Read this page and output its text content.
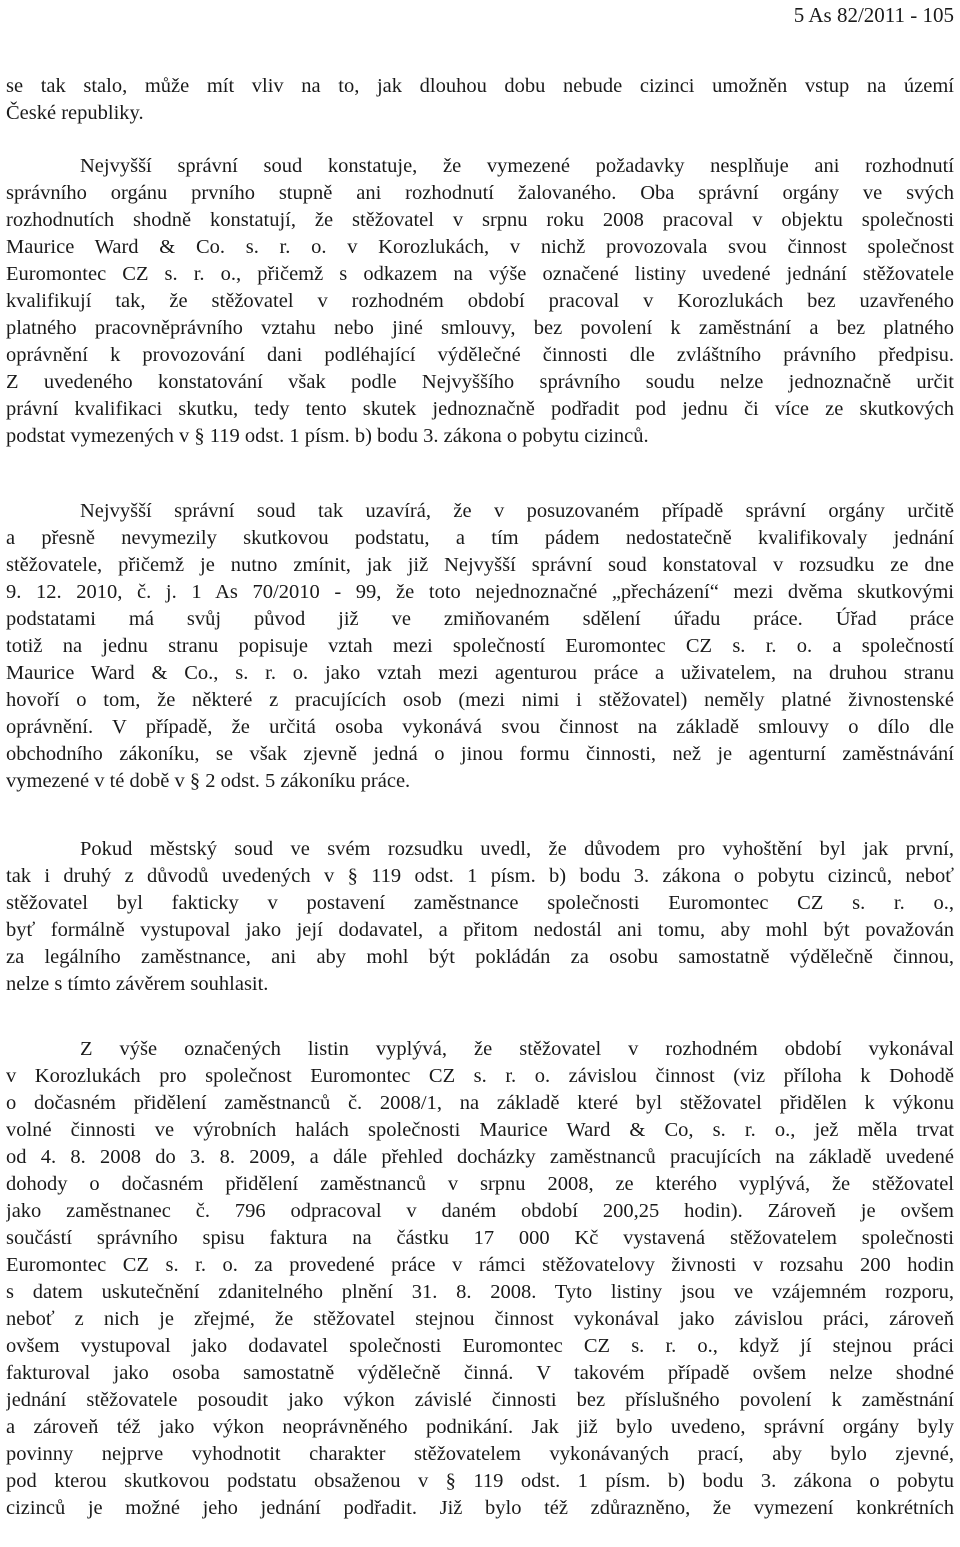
5 As 82/2011 - 105
se tak stalo, může mít vliv na to, jak dlouhou dobu nebude cizinci umožněn vstup na území
České republiky.
Nejvyšší správní soud konstatuje, že vymezené požadavky nesplňuje ani rozhodnutí
správního orgánu prvního stupně ani rozhodnutí žalovaného. Oba správní orgány ve svých
rozhodnutích shodně konstatují, že stěžovatel v srpnu roku 2008 pracoval v objektu společnosti
Maurice Ward & Co. s. r. o. v Korozlukách, v nichž provozovala svou činnost společnost
Euromontec CZ s. r. o., přičemž s odkazem na výše označené listiny uvedené jednání stěžovatele
kvalifikují tak, že stěžovatel v rozhodném období pracoval v Korozlukách bez uzavřeného
platného pracovněprávního vztahu nebo jiné smlouvy, bez povolení k zaměstnání a bez platného
oprávnění k provozování dani podléhající výdělečné činnosti dle zvláštního právního předpisu.
Z uvedeného konstatování však podle Nejvyššího správního soudu nelze jednoznačně určit
právní kvalifikaci skutku, tedy tento skutek jednoznačně podřadit pod jednu či více ze skutkových
podstat vymezených v § 119 odst. 1 písm. b) bodu 3. zákona o pobytu cizinců.
Nejvyšší správní soud tak uzavírá, že v posuzovaném případě správní orgány určitě
a přesně nevymezily skutkovou podstatu, a tím pádem nedostatečně kvalifikovaly jednání
stěžovatele, přičemž je nutno zmínit, jak již Nejvyšší správní soud konstatoval v rozsudku ze dne
9. 12. 2010, č. j. 1 As 70/2010 - 99, že toto nejednoznačné „přecházení“ mezi dvěma skutkovými
podstatami má svůj původ již ve zmiňovaném sdělení úřadu práce. Úřad práce
totiž na jednu stranu popisuje vztah mezi společností Euromontec CZ s. r. o. a společností
Maurice Ward & Co., s. r. o. jako vztah mezi agenturou práce a uživatelem, na druhou stranu
hovoří o tom, že některé z pracujících osob (mezi nimi i stěžovatel) neměly platné živnostenské
oprávnění. V případě, že určitá osoba vykonává svou činnost na základě smlouvy o dílo dle
obchodního zákoníku, se však zjevně jedná o jinou formu činnosti, než je agenturní zaměstnávání
vymezené v té době v § 2 odst. 5 zákoníku práce.
Pokud městský soud ve svém rozsudku uvedl, že důvodem pro vyhoštění byl jak první,
tak i druhý z důvodů uvedených v § 119 odst. 1 písm. b) bodu 3. zákona o pobytu cizinců, neboť
stěžovatel byl fakticky v postavení zaměstnance společnosti Euromontec CZ s. r. o.,
byť formálně vystupoval jako její dodavatel, a přitom nedostál ani tomu, aby mohl být považován
za legálního zaměstnance, ani aby mohl být pokládán za osobu samostatně výdělečně činnou,
nelze s tímto závěrem souhlasit.
Z výše označených listin vyplývá, že stěžovatel v rozhodném období vykonával
v Korozlukách pro společnost Euromontec CZ s. r. o. závislou činnost (viz příloha k Dohodě
o dočasném přidělení zaměstnanců č. 2008/1, na základě které byl stěžovatel přidělen k výkonu
volné činnosti ve výrobních halách společnosti Maurice Ward & Co, s. r. o., jež měla trvat
od 4. 8. 2008 do 3. 8. 2009, a dále přehled docházky zaměstnanců pracujících na základě uvedené
dohody o dočasném přidělení zaměstnanců v srpnu 2008, ze kterého vyplývá, že stěžovatel
jako zaměstnanec č. 796 odpracoval v daném období 200,25 hodin). Zároveň je ovšem
součástí správního spisu faktura na částku 17 000 Kč vystavená stěžovatelem společnosti
Euromontec CZ s. r. o. za provedené práce v rámci stěžovatelovy živnosti v rozsahu 200 hodin
s datem uskutečnění zdanitelného plnění 31. 8. 2008. Tyto listiny jsou ve vzájemném rozporu,
neboť z nich je zřejmé, že stěžovatel stejnou činnost vykonával jako závislou práci, zároveň
ovšem vystupoval jako dodavatel společnosti Euromontec CZ s. r. o., když jí stejnou práci
fakturoval jako osoba samostatně výdělečně činná. V takovém případě ovšem nelze shodné
jednání stěžovatele posoudit jako výkon závislé činnosti bez příslušného povolení k zaměstnání
a zároveň též jako výkon neoprávněného podnikání. Jak již bylo uvedeno, správní orgány byly
povinny nejprve vyhodnotit charakter stěžovatelem vykonávaných prací, aby bylo zjevné,
pod kterou skutkovou podstatu obsaženou v § 119 odst. 1 písm. b) bodu 3. zákona o pobytu
cizinců je možné jeho jednání podřadit. Již bylo též zdůrazněno, že vymezení konkrétních
